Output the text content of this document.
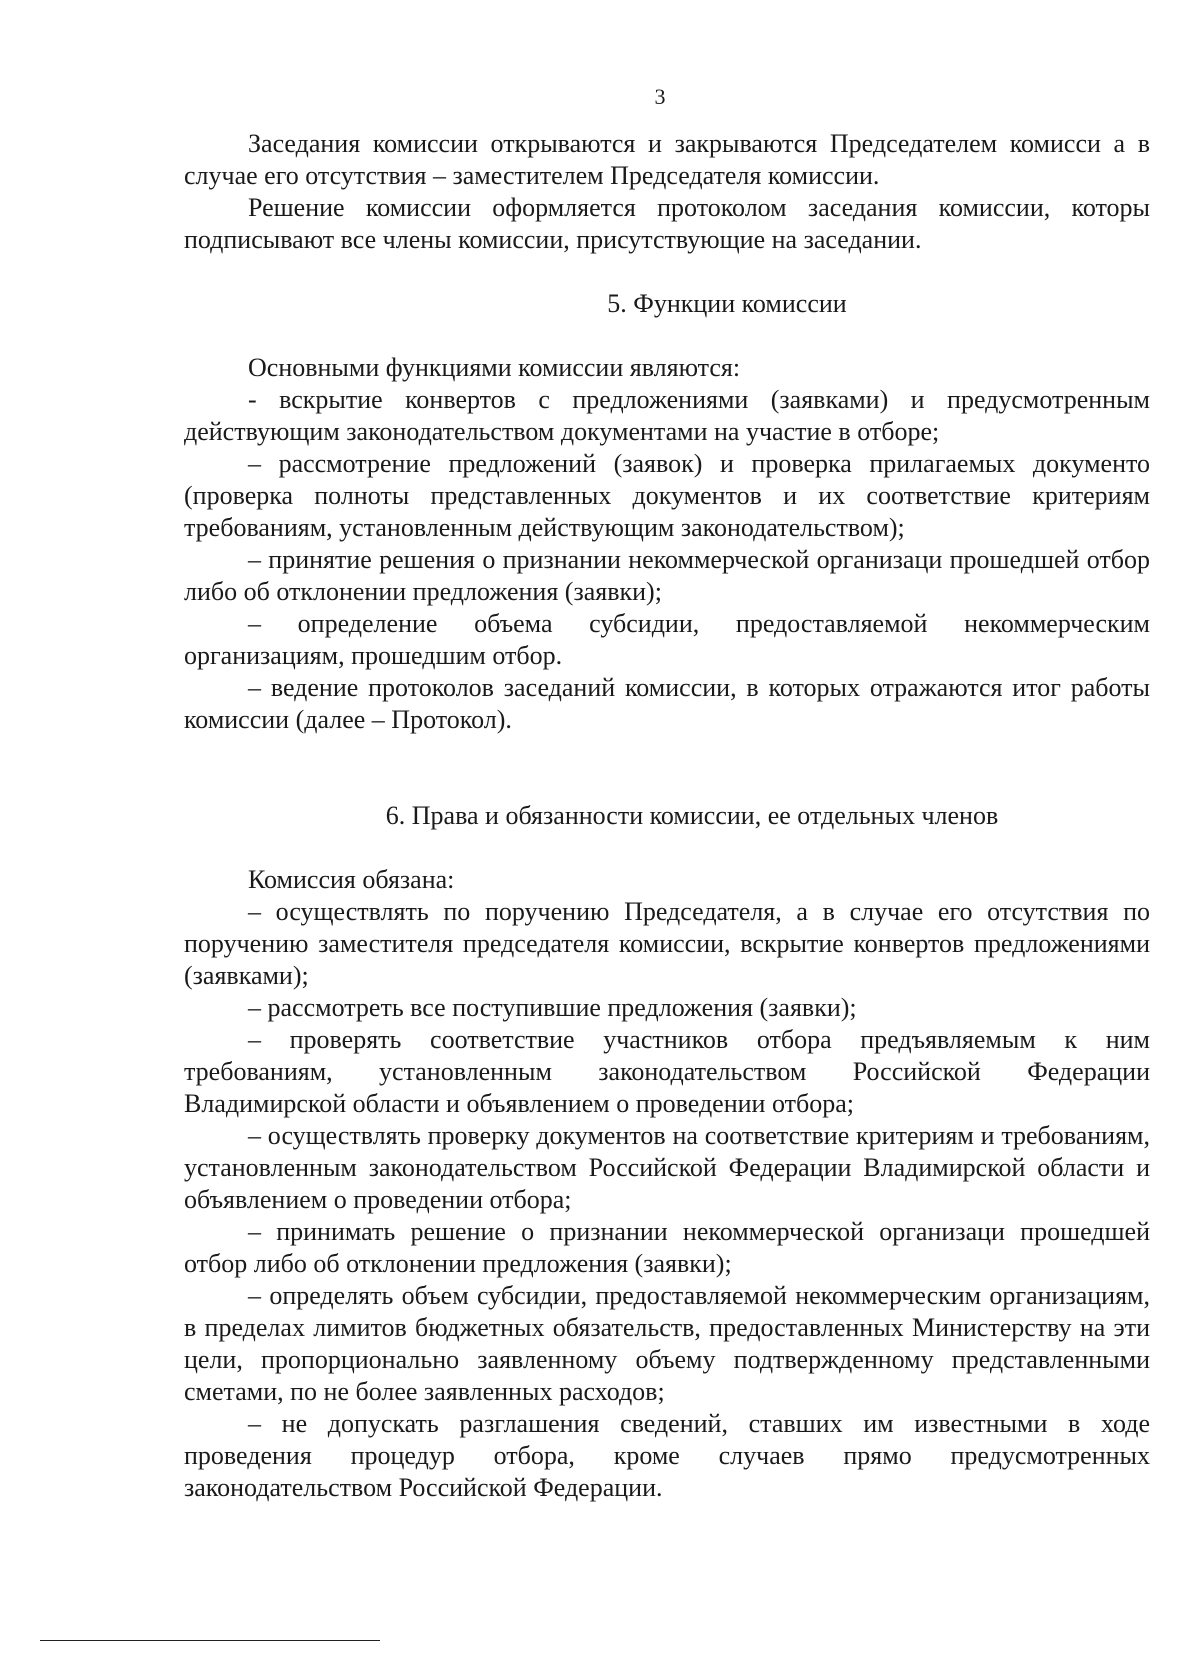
3

Заседания комиссии открываются и закрываются Председателем комисси а в случае его отсутствия – заместителем Председателя комиссии.

Решение комиссии оформляется протоколом заседания комиссии, которы подписывают все члены комиссии, присутствующие на заседании.

5. Функции комиссии

Основными функциями комиссии являются:

- вскрытие конвертов с предложениями (заявками) и предусмотренным действующим законодательством документами на участие в отборе;

– рассмотрение предложений (заявок) и проверка прилагаемых документо (проверка полноты представленных документов и их соответствие критериям требованиям, установленным действующим законодательством);

– принятие решения о признании некоммерческой организаци прошедшей отбор либо об отклонении предложения (заявки);

– определение объема субсидии, предоставляемой некоммерческим организациям, прошедшим отбор.

– ведение протоколов заседаний комиссии, в которых отражаются итог работы комиссии (далее – Протокол).

6. Права и обязанности комиссии, ее отдельных членов

Комиссия обязана:

– осуществлять по поручению Председателя, а в случае его отсутствия по поручению заместителя председателя комиссии, вскрытие конвертов предложениями (заявками);

– рассмотреть все поступившие предложения (заявки);

– проверять соответствие участников отбора предъявляемым к ним требованиям, установленным законодательством Российской Федерации Владимирской области и объявлением о проведении отбора;

– осуществлять проверку документов на соответствие критериям и требованиям, установленным законодательством Российской Федерации Владимирской области и объявлением о проведении отбора;

– принимать решение о признании некоммерческой организаци прошедшей отбор либо об отклонении предложения (заявки);

– определять объем субсидии, предоставляемой некоммерческим организациям, в пределах лимитов бюджетных обязательств, предоставленных Министерству на эти цели, пропорционально заявленному объему подтвержденному представленными сметами, по не более заявленных расходов;

– не допускать разглашения сведений, ставших им известными в ходе проведения процедур отбора, кроме случаев прямо предусмотренных законодательством Российской Федерации.
